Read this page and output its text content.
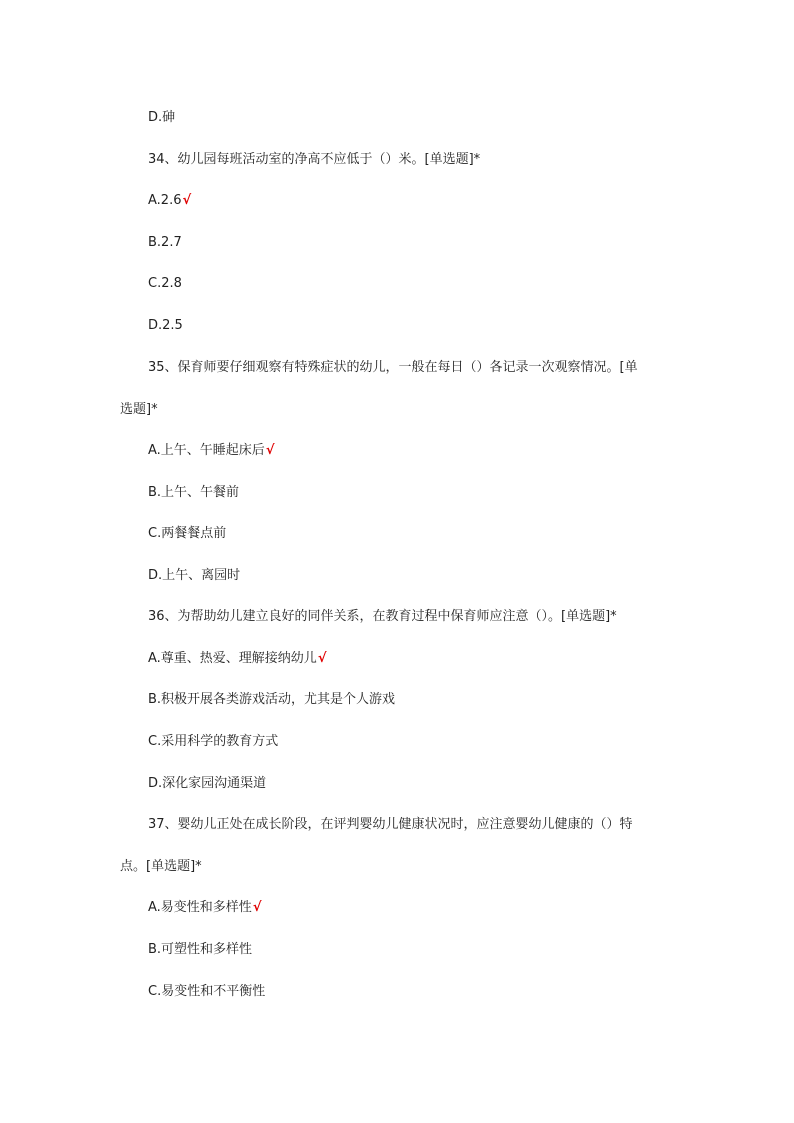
D.砷
34、幼儿园每班活动室的净高不应低于（）米。[单选题]*
A.2.6√
B.2.7
C.2.8
D.2.5
35、保育师要仔细观察有特殊症状的幼儿，一般在每日（）各记录一次观察情况。[单
选题]*
A.上午、午睡起床后√
B.上午、午餐前
C.两餐餐点前
D.上午、离园时
36、为帮助幼儿建立良好的同伴关系，在教育过程中保育师应注意（）。[单选题]*
A.尊重、热爱、理解接纳幼儿√
B.积极开展各类游戏活动，尤其是个人游戏
C.采用科学的教育方式
D.深化家园沟通渠道
37、婴幼儿正处在成长阶段，在评判婴幼儿健康状况时，应注意婴幼儿健康的（）特
点。[单选题]*
A.易变性和多样性√
B.可塑性和多样性
C.易变性和不平衡性
